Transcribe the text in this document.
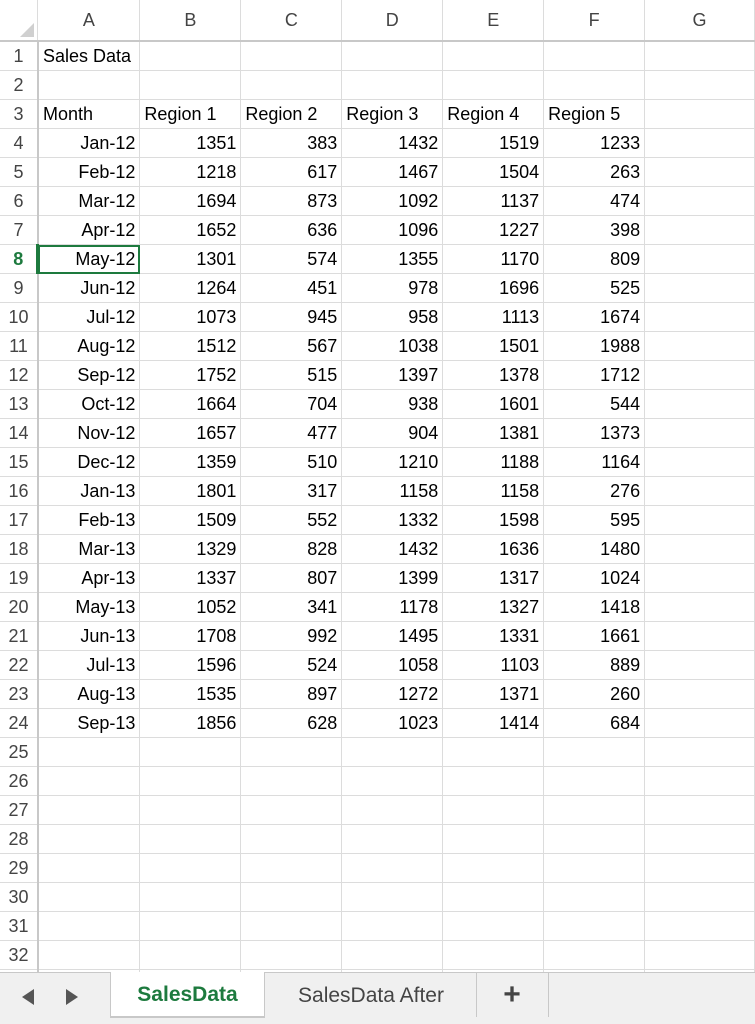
	A	B	C	D	E	F	G
1	Sales Data						
2							
3	Month	Region 1	Region 2	Region 3	Region 4	Region 5	
4	Jan-12	1351	383	1432	1519	1233	
5	Feb-12	1218	617	1467	1504	263	
6	Mar-12	1694	873	1092	1137	474	
7	Apr-12	1652	636	1096	1227	398	
8	May-12	1301	574	1355	1170	809	
9	Jun-12	1264	451	978	1696	525	
10	Jul-12	1073	945	958	1113	1674	
11	Aug-12	1512	567	1038	1501	1988	
12	Sep-12	1752	515	1397	1378	1712	
13	Oct-12	1664	704	938	1601	544	
14	Nov-12	1657	477	904	1381	1373	
15	Dec-12	1359	510	1210	1188	1164	
16	Jan-13	1801	317	1158	1158	276	
17	Feb-13	1509	552	1332	1598	595	
18	Mar-13	1329	828	1432	1636	1480	
19	Apr-13	1337	807	1399	1317	1024	
20	May-13	1052	341	1178	1327	1418	
21	Jun-13	1708	992	1495	1331	1661	
22	Jul-13	1596	524	1058	1103	889	
23	Aug-13	1535	897	1272	1371	260	
24	Sep-13	1856	628	1023	1414	684	
25							
26							
27							
28							
29							
30							
31							
32							

SalesData	SalesData After	+
